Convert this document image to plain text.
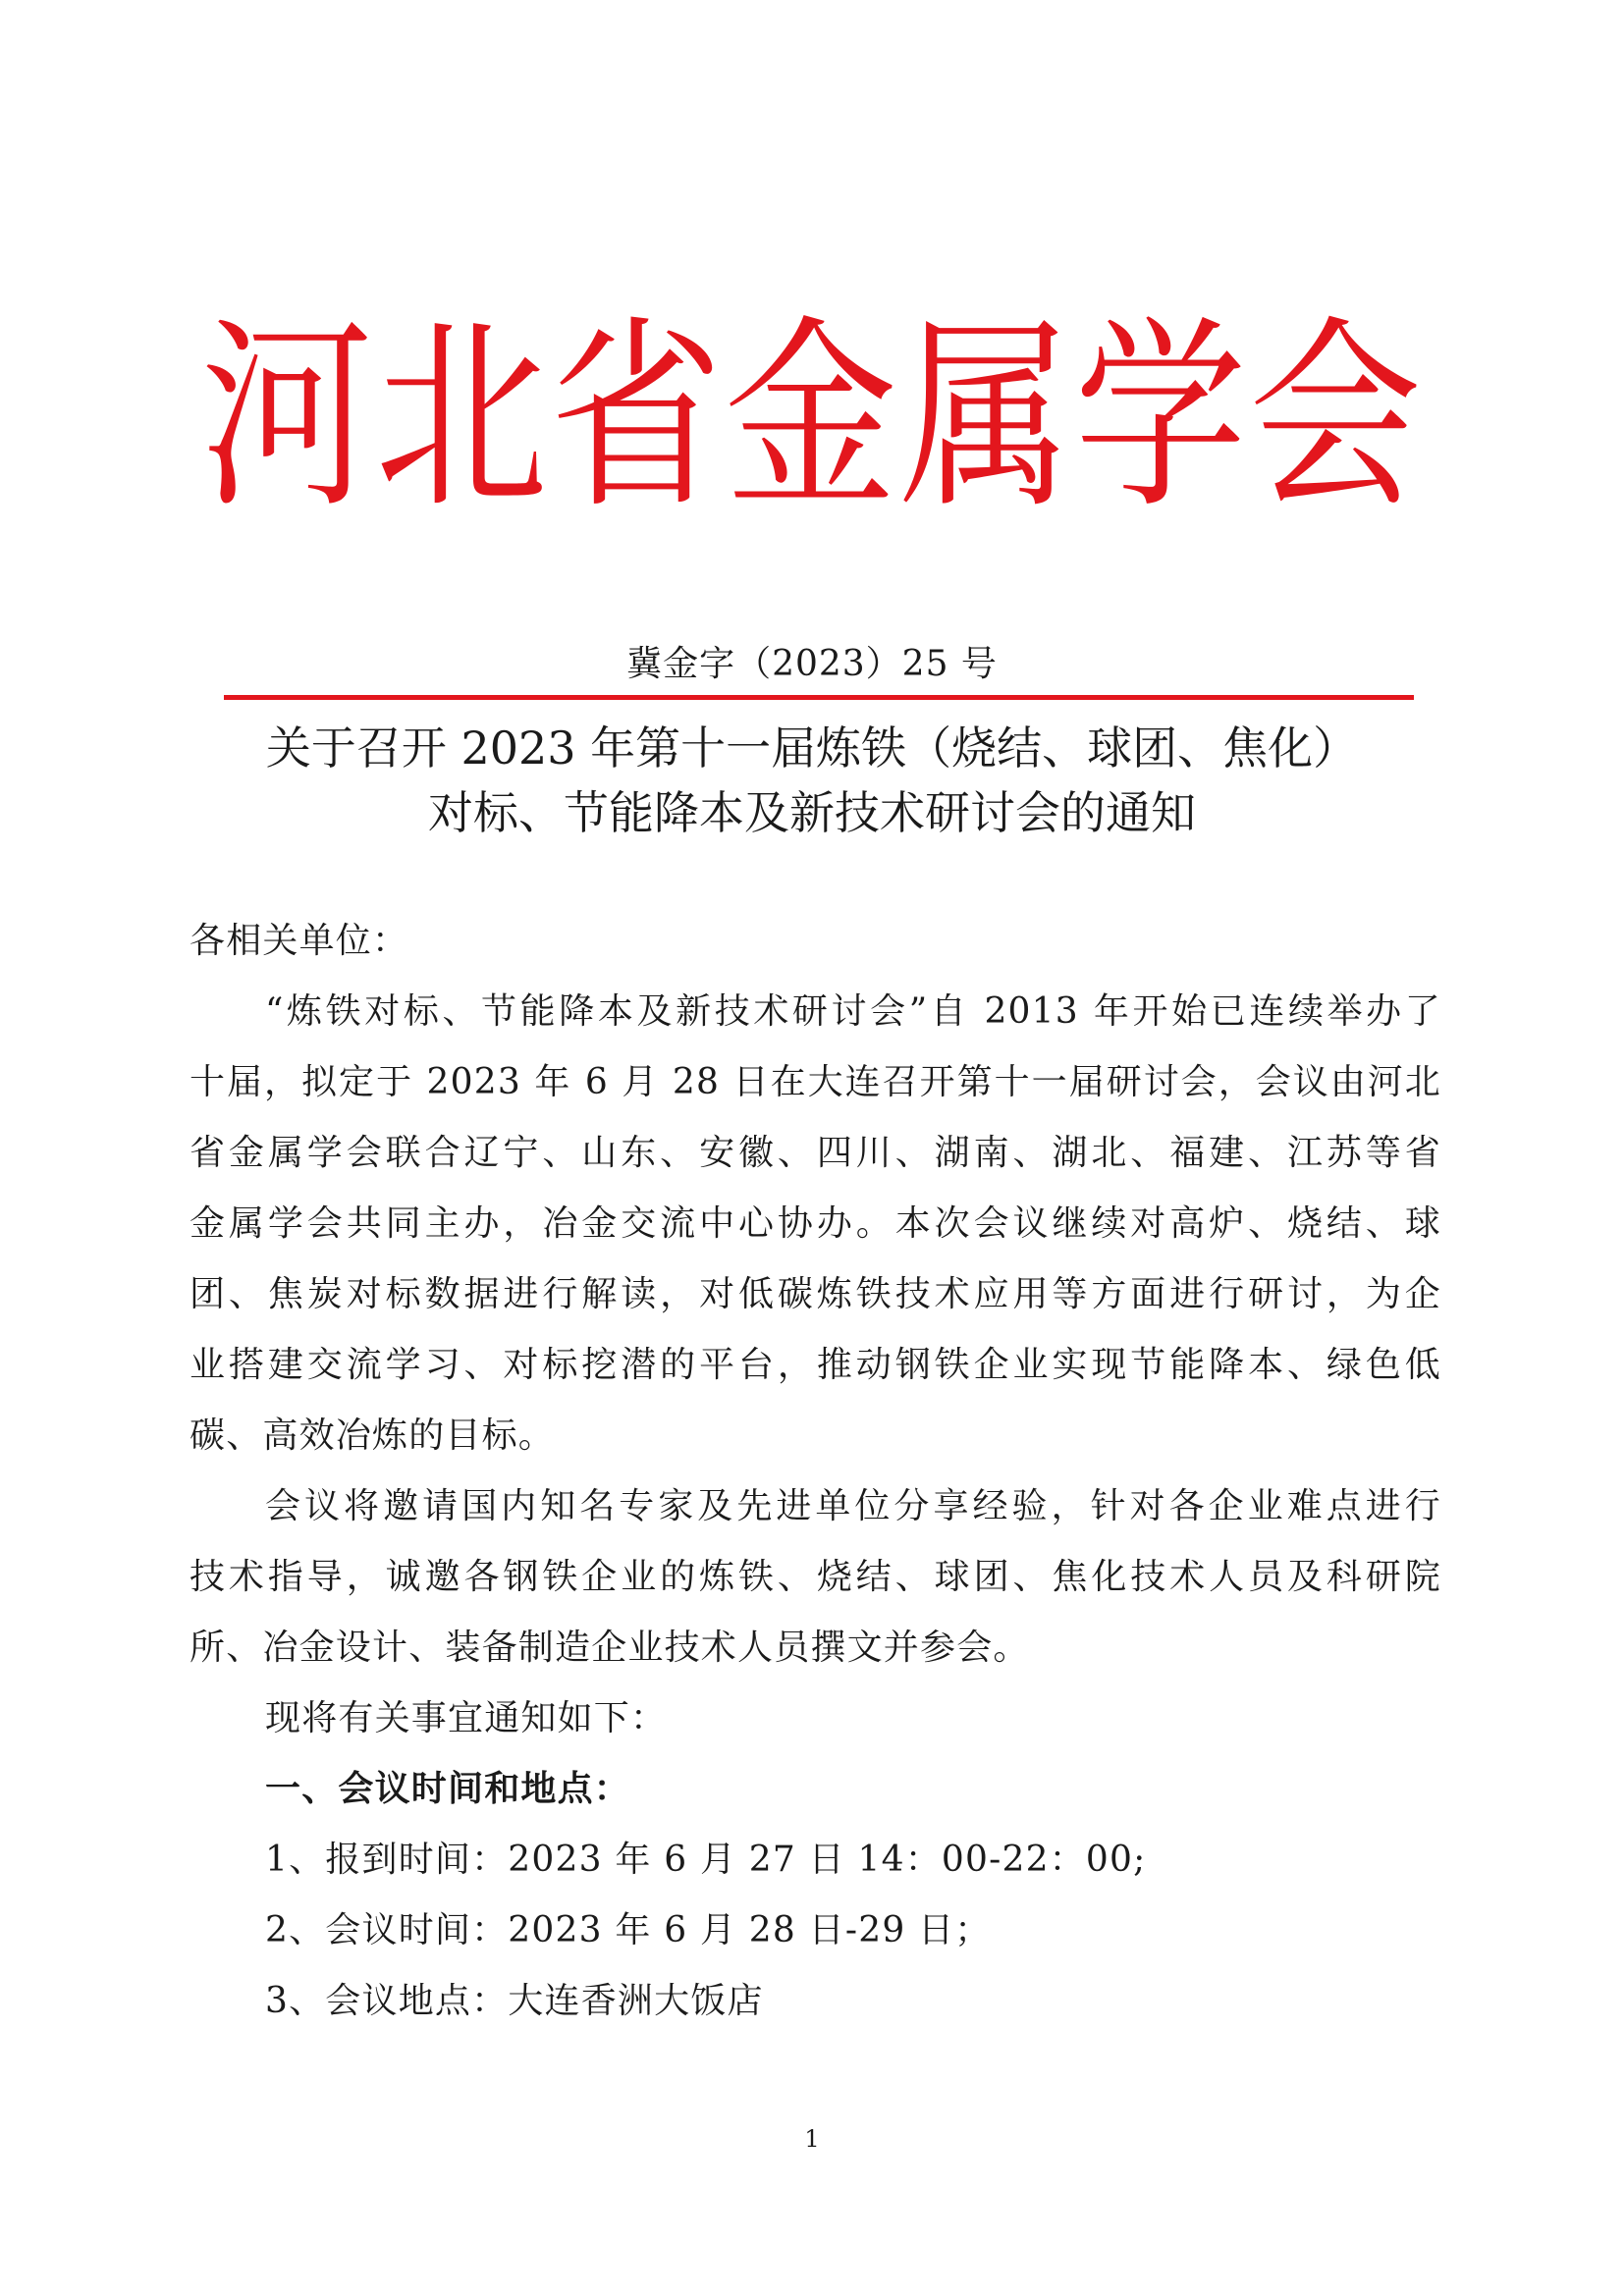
河北省金属学会
冀金字（2023）25 号
关于召开 2023 年第十一届炼铁（烧结、球团、焦化）
对标、节能降本及新技术研讨会的通知
各相关单位：
“炼铁对标、节能降本及新技术研讨会”自 2013 年开始已连续举办了
十届，拟定于 2023 年 6 月 28 日在大连召开第十一届研讨会，会议由河北
省金属学会联合辽宁、山东、安徽、四川、湖南、湖北、福建、江苏等省
金属学会共同主办，冶金交流中心协办。本次会议继续对高炉、烧结、球
团、焦炭对标数据进行解读，对低碳炼铁技术应用等方面进行研讨，为企
业搭建交流学习、对标挖潜的平台，推动钢铁企业实现节能降本、绿色低
碳、高效冶炼的目标。
会议将邀请国内知名专家及先进单位分享经验，针对各企业难点进行
技术指导，诚邀各钢铁企业的炼铁、烧结、球团、焦化技术人员及科研院
所、冶金设计、装备制造企业技术人员撰文并参会。
现将有关事宜通知如下：
一、会议时间和地点：
1、报到时间：2023 年 6 月 27 日 14：00-22：00;
2、会议时间：2023 年 6 月 28 日-29 日；
3、会议地点：大连香洲大饭店
1
